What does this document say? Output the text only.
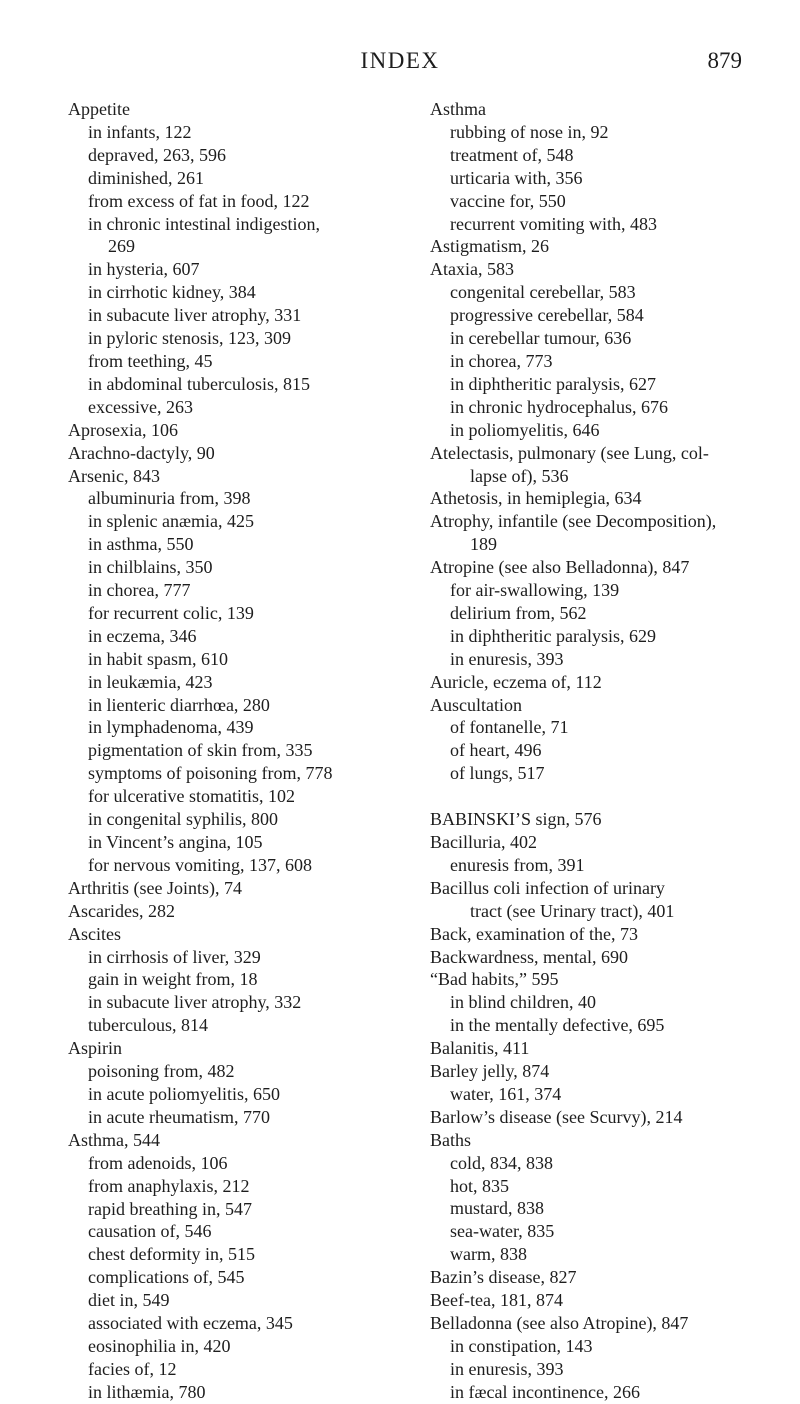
INDEX	879
Appetite
in infants, 122
depraved, 263, 596
diminished, 261
from excess of fat in food, 122
in chronic intestinal indigestion,
269
in hysteria, 607
in cirrhotic kidney, 384
in subacute liver atrophy, 331
in pyloric stenosis, 123, 309
from teething, 45
in abdominal tuberculosis, 815
excessive, 263
Aprosexia, 106
Arachno-dactyly, 90
Arsenic, 843
albuminuria from, 398
in splenic anæmia, 425
in asthma, 550
in chilblains, 350
in chorea, 777
for recurrent colic, 139
in eczema, 346
in habit spasm, 610
in leukæmia, 423
in lienteric diarrhœa, 280
in lymphadenoma, 439
pigmentation of skin from, 335
symptoms of poisoning from, 778
for ulcerative stomatitis, 102
in congenital syphilis, 800
in Vincent’s angina, 105
for nervous vomiting, 137, 608
Arthritis (see Joints), 74
Ascarides, 282
Ascites
in cirrhosis of liver, 329
gain in weight from, 18
in subacute liver atrophy, 332
tuberculous, 814
Aspirin
poisoning from, 482
in acute poliomyelitis, 650
in acute rheumatism, 770
Asthma, 544
from adenoids, 106
from anaphylaxis, 212
rapid breathing in, 547
causation of, 546
chest deformity in, 515
complications of, 545
diet in, 549
associated with eczema, 345
eosinophilia in, 420
facies of, 12
in lithæmia, 780
Asthma
rubbing of nose in, 92
treatment of, 548
urticaria with, 356
vaccine for, 550
recurrent vomiting with, 483
Astigmatism, 26
Ataxia, 583
congenital cerebellar, 583
progressive cerebellar, 584
in cerebellar tumour, 636
in chorea, 773
in diphtheritic paralysis, 627
in chronic hydrocephalus, 676
in poliomyelitis, 646
Atelectasis, pulmonary (see Lung, col-
lapse of), 536
Athetosis, in hemiplegia, 634
Atrophy, infantile (see Decomposition),
189
Atropine (see also Belladonna), 847
for air-swallowing, 139
delirium from, 562
in diphtheritic paralysis, 629
in enuresis, 393
Auricle, eczema of, 112
Auscultation
of fontanelle, 71
of heart, 496
of lungs, 517
BABINSKI’S sign, 576
Bacilluria, 402
enuresis from, 391
Bacillus coli infection of urinary
tract (see Urinary tract), 401
Back, examination of the, 73
Backwardness, mental, 690
“Bad habits,” 595
in blind children, 40
in the mentally defective, 695
Balanitis, 411
Barley jelly, 874
water, 161, 374
Barlow’s disease (see Scurvy), 214
Baths
cold, 834, 838
hot, 835
mustard, 838
sea-water, 835
warm, 838
Bazin’s disease, 827
Beef-tea, 181, 874
Belladonna (see also Atropine), 847
in constipation, 143
in enuresis, 393
in fæcal incontinence, 266
